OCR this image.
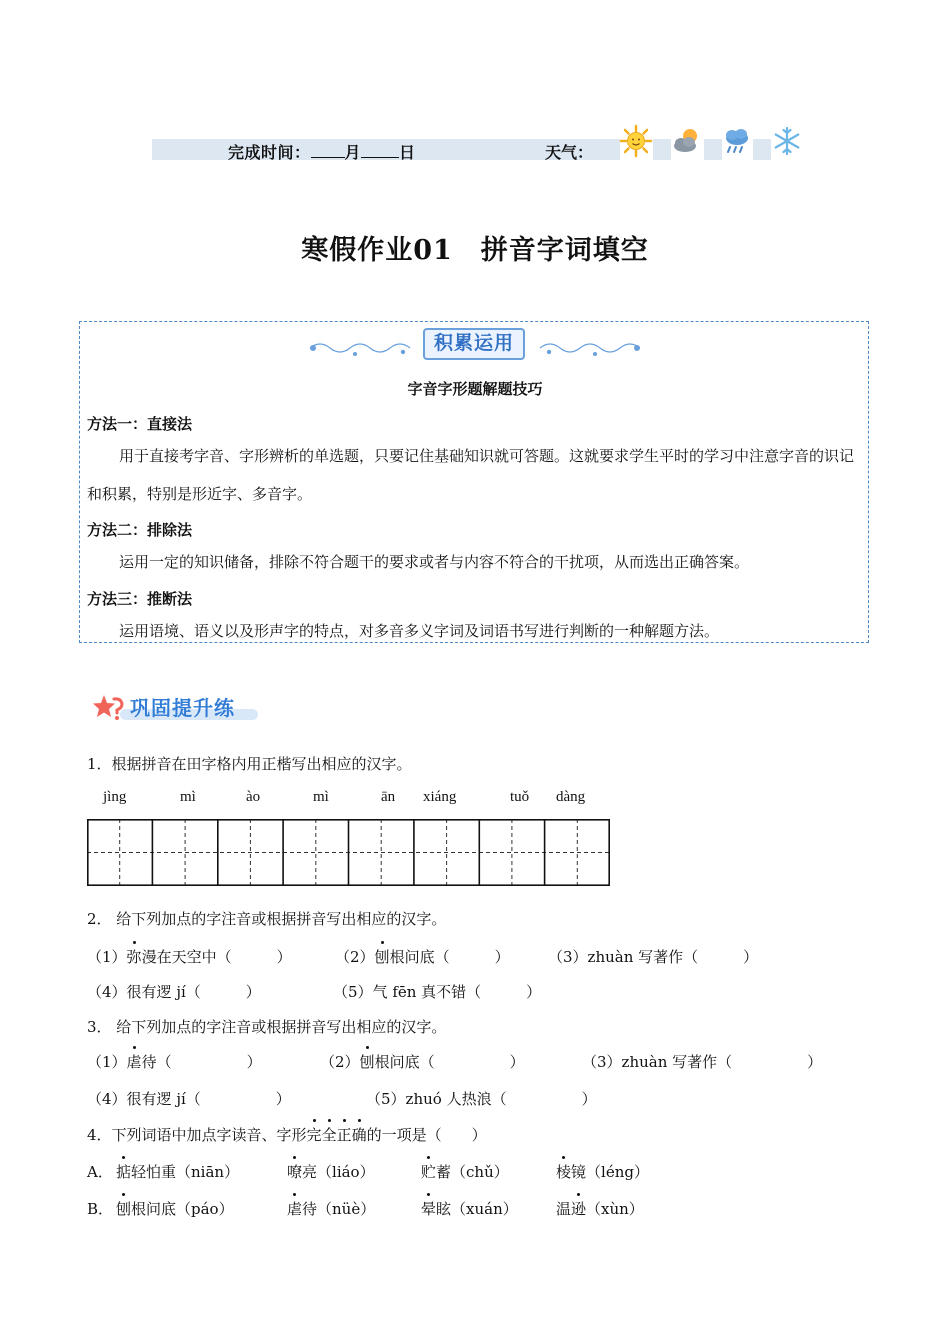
完成时间： 月 日	天气：
寒假作业01　拼音字词填空
积累运用
字音字形题解题技巧
方法一：直接法
用于直接考字音、字形辨析的单选题，只要记住基础知识就可答题。这就要求学生平时的学习中注意字音的识记和积累，特别是形近字、多音字。
方法二：排除法
运用一定的知识储备，排除不符合题干的要求或者与内容不符合的干扰项，从而选出正确答案。
方法三：推断法
运用语境、语义以及形声字的特点，对多音多义字词及词语书写进行判断的一种解题方法。
巩固提升练
1．根据拼音在田字格内用正楷写出相应的汉字。
jìng	mì	ào	mì	ān xiáng	tuǒ dàng
2． 给下列加点的字注音或根据拼音写出相应的汉字。
（1）弥漫在天空中（　　　）	（2）刨根问底（　　　）	（3）zhuàn 写著作（　　　）
（4）很有逻 jí（　　　）	（5）气 fēn 真不错（　　　）
3． 给下列加点的字注音或根据拼音写出相应的汉字。
（1）虐待（　　　　　）	（2）刨根问底（　　　　　）	（3）zhuàn 写著作（　　　　　）
（4）很有逻 jí（　　　　　）	（5）zhuó 人热浪（　　　　　）
4．下列词语中加点字读音、字形完全正确的一项是（　　）
A． 掂轻怕重（niān）	嘹亮（liáo）	贮蓄（chǔ）	棱镜（léng）
B． 刨根问底（páo）	虐待（nüè）	晕眩（xuán）	温逊（xùn）
